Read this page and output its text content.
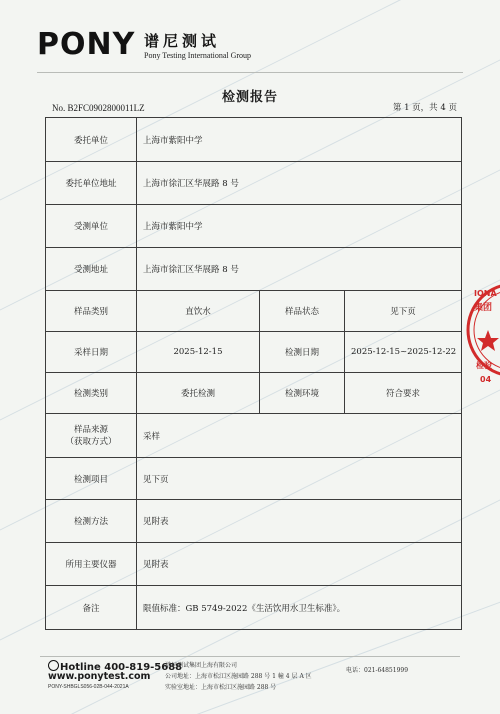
PONY 谱尼测试
Pony Testing International Group
检测报告
No. B2FC0902800011LZ	第 1 页，共 4 页
委托单位	上海市紫阳中学		
委托单位地址	上海市徐汇区华展路 8 号		
受测单位	上海市紫阳中学		
受测地址	上海市徐汇区华展路 8 号		
样品类别	直饮水	样品状态	见下页
采样日期	2025-12-15	检测日期	2025-12-15~2025-12-22
检测类别	委托检测	检测环境	符合要求
样品来源
（获取方式）	采样		
检测项目	见下页		
检测方法	见附表		
所用主要仪器	见附表		
备注	限值标准：GB 5749-2022《生活饮用水卫生标准》。		
IONA
集团
检验
04
Hotline 400-819-5688
www.ponytest.com
PONY-SHBGLS056-02B-044-2021A
谱尼测试集团上海有限公司
公司地址：上海市松江区施园路 288 号 1 幢 4 层 A 区
实验室地址：上海市松江区施园路 288 号
电话：021-64851999
